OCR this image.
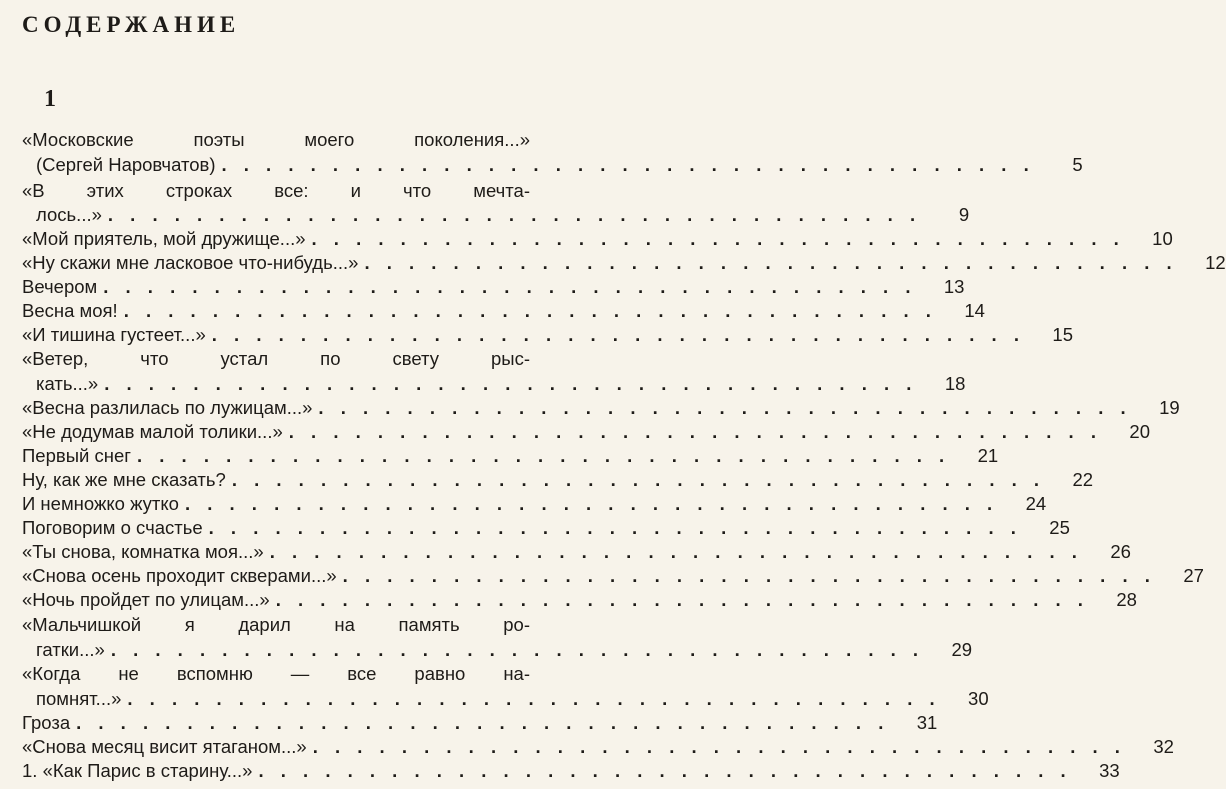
СОДЕРЖАНИЕ
1
«Московские поэты моего поколения...»
(Сергей Наровчатов) . . . . . . . . . . . . . . . . . . . . . . . . . . . . . . . . . . . . .	5
«В этих строках все: и что мечта-
лось...» . . . . . . . . . . . . . . . . . . . . . . . . . . . . . . . . . . . . .	9
«Мой приятель, мой дружище...» . . . . . . . . . . . . . . . . . . . . . . . . . . . . . . . . . . . . .	10
«Ну скажи мне ласковое что-нибудь...» . . . . . . . . . . . . . . . . . . . . . . . . . . . . . . . . . . . . .	12
Вечером . . . . . . . . . . . . . . . . . . . . . . . . . . . . . . . . . . . . .	13
Весна моя! . . . . . . . . . . . . . . . . . . . . . . . . . . . . . . . . . . . . .	14
«И тишина густеет...» . . . . . . . . . . . . . . . . . . . . . . . . . . . . . . . . . . . . .	15
«Ветер, что устал по свету рыс-
кать...» . . . . . . . . . . . . . . . . . . . . . . . . . . . . . . . . . . . . .	18
«Весна разлилась по лужицам...» . . . . . . . . . . . . . . . . . . . . . . . . . . . . . . . . . . . . .	19
«Не додумав малой толики...» . . . . . . . . . . . . . . . . . . . . . . . . . . . . . . . . . . . . .	20
Первый снег . . . . . . . . . . . . . . . . . . . . . . . . . . . . . . . . . . . . .	21
Ну, как же мне сказать? . . . . . . . . . . . . . . . . . . . . . . . . . . . . . . . . . . . . .	22
И немножко жутко . . . . . . . . . . . . . . . . . . . . . . . . . . . . . . . . . . . . .	24
Поговорим о счастье . . . . . . . . . . . . . . . . . . . . . . . . . . . . . . . . . . . . .	25
«Ты снова, комнатка моя...» . . . . . . . . . . . . . . . . . . . . . . . . . . . . . . . . . . . . .	26
«Снова осень проходит скверами...» . . . . . . . . . . . . . . . . . . . . . . . . . . . . . . . . . . . . .	27
«Ночь пройдет по улицам...» . . . . . . . . . . . . . . . . . . . . . . . . . . . . . . . . . . . . .	28
«Мальчишкой я дарил на память ро-
гатки...» . . . . . . . . . . . . . . . . . . . . . . . . . . . . . . . . . . . . .	29
«Когда не вспомню — все равно на-
помнят...» . . . . . . . . . . . . . . . . . . . . . . . . . . . . . . . . . . . . .	30
Гроза . . . . . . . . . . . . . . . . . . . . . . . . . . . . . . . . . . . . .	31
«Снова месяц висит ятаганом...» . . . . . . . . . . . . . . . . . . . . . . . . . . . . . . . . . . . . .	32
1. «Как Парис в старину...» . . . . . . . . . . . . . . . . . . . . . . . . . . . . . . . . . . . . .	33
